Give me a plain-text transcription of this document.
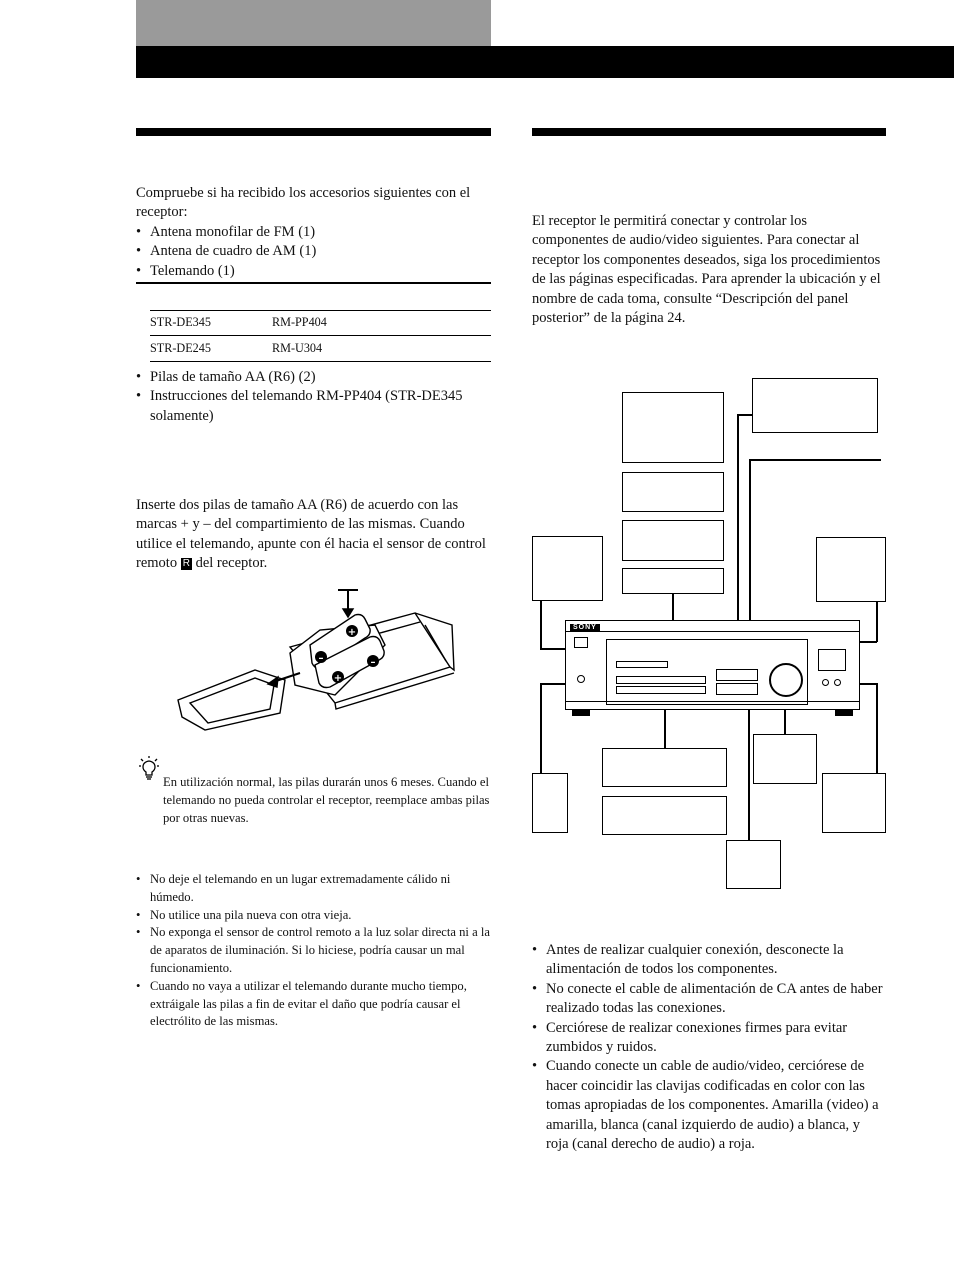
Compruebe si ha recibido los accesorios siguientes con el receptor:
• Antena monofilar de FM (1)
• Antena de cuadro de AM (1)
• Telemando (1)
STR-DE345	RM-PP404
STR-DE245	RM-U304
• Pilas de tamaño AA (R6) (2)
• Instrucciones del telemando RM-PP404 (STR-DE345 solamente)
Inserte dos pilas de tamaño AA (R6) de acuerdo con las marcas + y – del compartimiento de las mismas. Cuando utilice el telemando, apunte con él hacia el sensor de control remoto R del receptor.
+
–	–
+
En utilización normal, las pilas durarán unos 6 meses. Cuando el telemando no pueda controlar el receptor, reemplace ambas pilas por otras nuevas.
• No deje el telemando en un lugar extremadamente cálido ni húmedo.
• No utilice una pila nueva con otra vieja.
• No exponga el sensor de control remoto a la luz solar directa ni a la de aparatos de iluminación. Si lo hiciese, podría causar un mal funcionamiento.
• Cuando no vaya a utilizar el telemando durante mucho tiempo, extráigale las pilas a fin de evitar el daño que podría causar el electrólito de las mismas.
El receptor le permitirá conectar y controlar los componentes de audio/video siguientes. Para conectar al receptor los componentes deseados, siga los procedimientos de las páginas especificadas. Para aprender la ubicación y el nombre de cada toma, consulte “Descripción del panel posterior” de la página 24.
SONY
• Antes de realizar cualquier conexión, desconecte la alimentación de todos los componentes.
• No conecte el cable de alimentación de CA antes de haber realizado todas las conexiones.
• Cerciórese de realizar conexiones firmes para evitar zumbidos y ruidos.
• Cuando conecte un cable de audio/video, cerciórese de hacer coincidir las clavijas codificadas en color con las tomas apropiadas de los componentes. Amarilla (video) a amarilla, blanca (canal izquierdo de audio) a blanca, y roja (canal derecho de audio) a roja.
